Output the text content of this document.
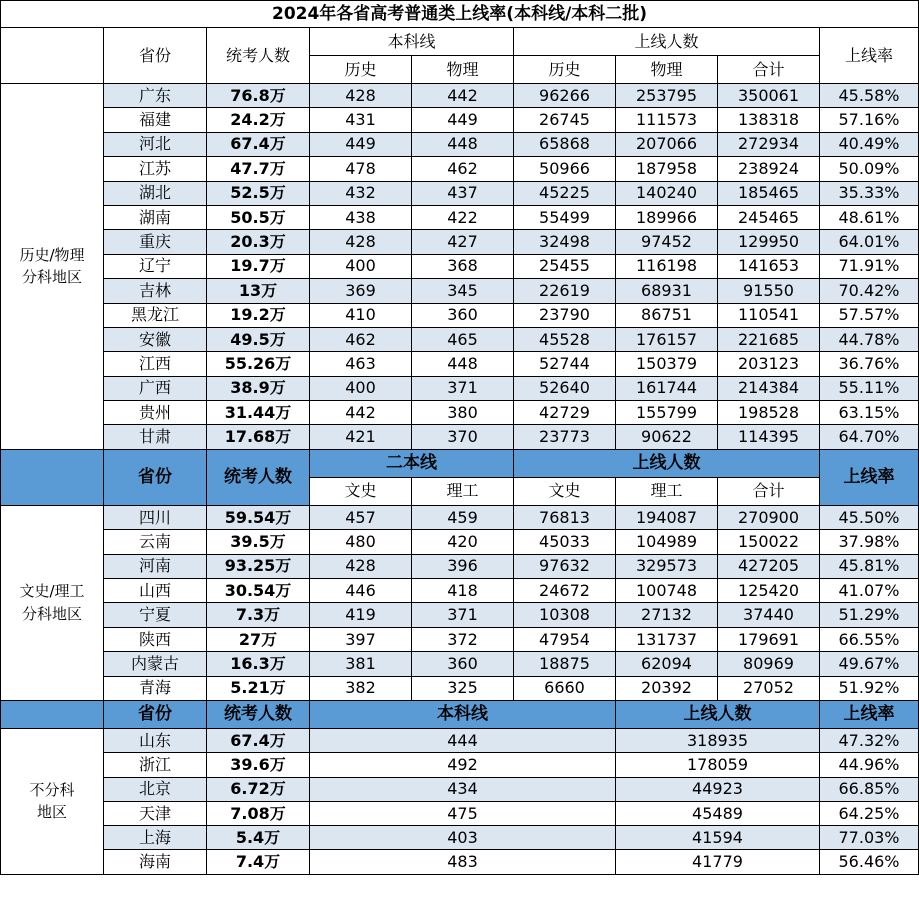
2024年各省高考普通类上线率(本科线/本科二批)								
	省份	统考人数	本科线		上线人数			上线率
			历史	物理	历史	物理	合计	
历史/物理
分科地区	广东	76.8万	428	442	96266	253795	350061	45.58%
	福建	24.2万	431	449	26745	111573	138318	57.16%
	河北	67.4万	449	448	65868	207066	272934	40.49%
	江苏	47.7万	478	462	50966	187958	238924	50.09%
	湖北	52.5万	432	437	45225	140240	185465	35.33%
	湖南	50.5万	438	422	55499	189966	245465	48.61%
	重庆	20.3万	428	427	32498	97452	129950	64.01%
	辽宁	19.7万	400	368	25455	116198	141653	71.91%
	吉林	13万	369	345	22619	68931	91550	70.42%
	黑龙江	19.2万	410	360	23790	86751	110541	57.57%
	安徽	49.5万	462	465	45528	176157	221685	44.78%
	江西	55.26万	463	448	52744	150379	203123	36.76%
	广西	38.9万	400	371	52640	161744	214384	55.11%
	贵州	31.44万	442	380	42729	155799	198528	63.15%
	甘肃	17.68万	421	370	23773	90622	114395	64.70%
	省份	统考人数	二本线		上线人数			上线率
			文史	理工	文史	理工	合计	
文史/理工
分科地区	四川	59.54万	457	459	76813	194087	270900	45.50%
	云南	39.5万	480	420	45033	104989	150022	37.98%
	河南	93.25万	428	396	97632	329573	427205	45.81%
	山西	30.54万	446	418	24672	100748	125420	41.07%
	宁夏	7.3万	419	371	10308	27132	37440	51.29%
	陕西	27万	397	372	47954	131737	179691	66.55%
	内蒙古	16.3万	381	360	18875	62094	80969	49.67%
	青海	5.21万	382	325	6660	20392	27052	51.92%
	省份	统考人数	本科线			上线人数		上线率
不分科
地区	山东	67.4万	444			318935		47.32%
	浙江	39.6万	492			178059		44.96%
	北京	6.72万	434			44923		66.85%
	天津	7.08万	475			45489		64.25%
	上海	5.4万	403			41594		77.03%
	海南	7.4万	483			41779		56.46%
